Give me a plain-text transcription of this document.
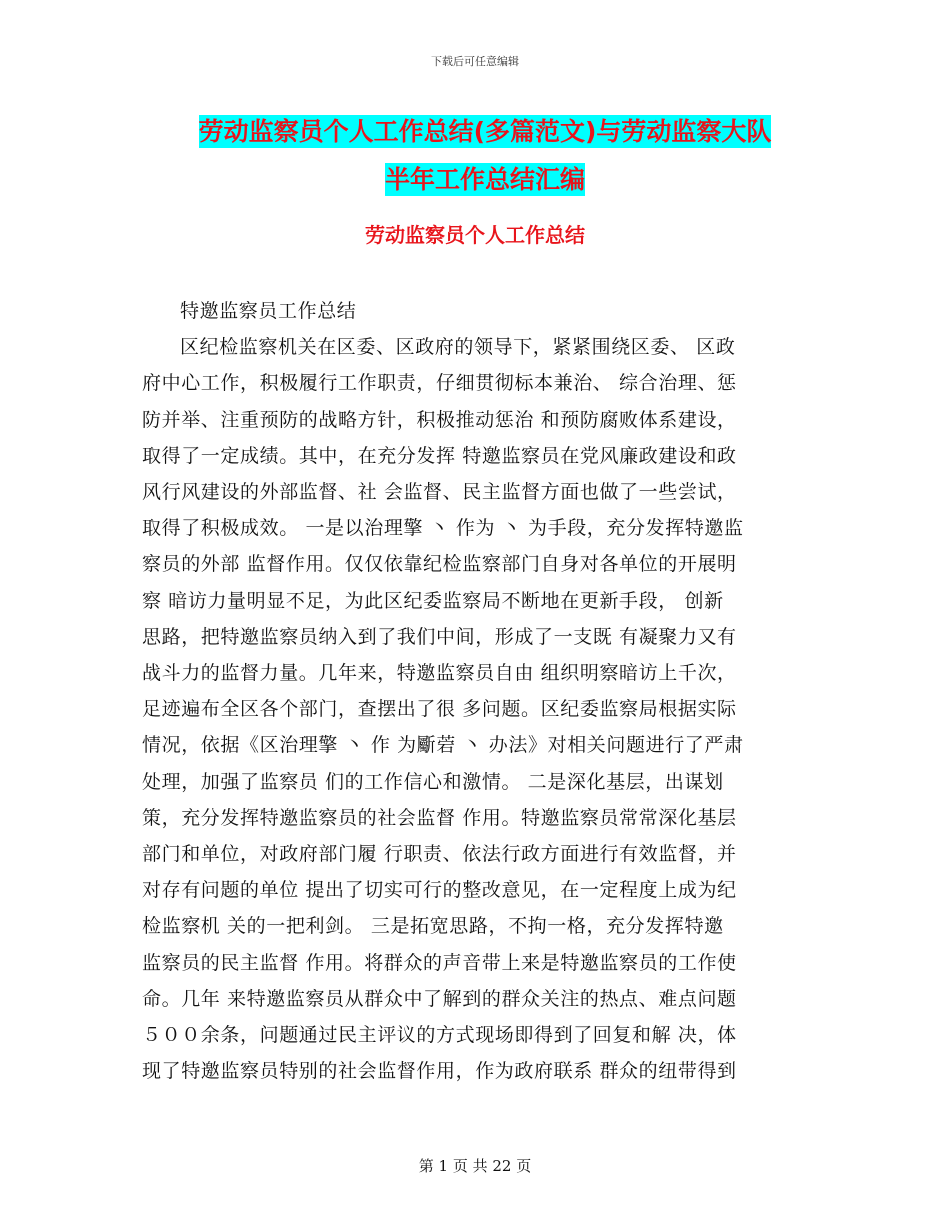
下载后可任意编辑
劳动监察员个人工作总结(多篇范文)与劳动监察大队
半年工作总结汇编
劳动监察员个人工作总结

特邀监察员工作总结

区纪检监察机关在区委、区政府的领导下，紧紧围绕区委、 区政
府中心工作，积极履行工作职责，仔细贯彻标本兼治、 综合治理、惩
防并举、注重预防的战略方针，积极推动惩治 和预防腐败体系建设，
取得了一定成绩。其中，在充分发挥 特邀监察员在党风廉政建设和政
风行风建设的外部监督、社 会监督、民主监督方面也做了一些尝试，
取得了积极成效。 一是以治理擎 丶 作为 丶 为手段，充分发挥特邀监
察员的外部 监督作用。仅仅依靠纪检监察部门自身对各单位的开展明
察 暗访力量明显不足，为此区纪委监察局不断地在更新手段， 创新
思路，把特邀监察员纳入到了我们中间，形成了一支既 有凝聚力又有
战斗力的监督力量。几年来，特邀监察员自由 组织明察暗访上千次，
足迹遍布全区各个部门，查摆出了很 多问题。区纪委监察局根据实际
情况，依据《区治理擎 丶 作 为斸菪 丶 办法》对相关问题进行了严肃
处理，加强了监察员 们的工作信心和激情。 二是深化基层，出谋划
策，充分发挥特邀监察员的社会监督 作用。特邀监察员常常深化基层
部门和单位，对政府部门履 行职责、依法行政方面进行有效监督，并
对存有问题的单位 提出了切实可行的整改意见，在一定程度上成为纪
检监察机 关的一把利剑。 三是拓宽思路，不拘一格，充分发挥特邀
监察员的民主监督 作用。将群众的声音带上来是特邀监察员的工作使
命。几年 来特邀监察员从群众中了解到的群众关注的热点、难点问题
５００余条，问题通过民主评议的方式现场即得到了回复和解 决，体
现了特邀监察员特别的社会监督作用，作为政府联系 群众的纽带得到
第 1 页 共 22 页
